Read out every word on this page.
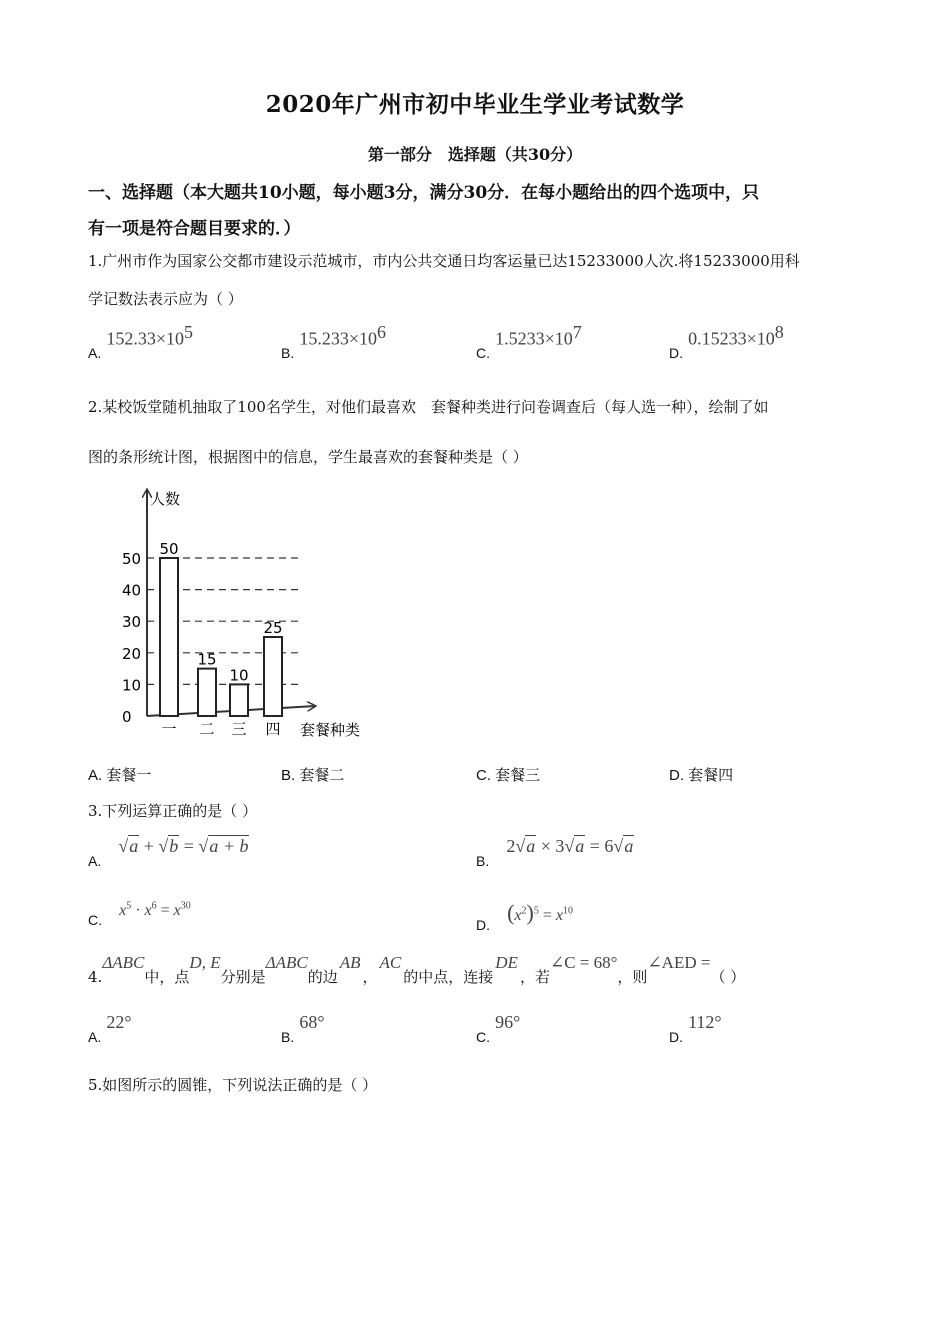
2020年广州市初中毕业生学业考试数学
第一部分　选择题（共30分）
一、选择题（本大题共10小题，每小题3分，满分30分．在每小题给出的四个选项中，只
有一项是符合题目要求的．）
1.广州市作为国家公交都市建设示范城市，市内公共交通日均客运量已达15233000人次.将15233000用科
学记数法表示应为（ ）
A. $152.33\times 10^5$
B. $15.233\times 10^6$
C. $1.5233\times 10^7$
D. $0.15233\times 10^8$
2.某校饭堂随机抽取了100名学生，对他们最喜欢　套餐种类进行问卷调查后（每人选一种），绘制了如
图的条形统计图，根据图中的信息，学生最喜欢的套餐种类是（ ）
人数
套餐种类
0
10
20
30
40
50
50
一
15
二
10
三
25
四
A. 套餐一	B. 套餐二	C. 套餐三	D. 套餐四
3.下列运算正确的是（ ）
A. √a + √b = √a + b
B. 2√a × 3√a = 6√a
C. $x^5 \cdot x^6 = x^{30}$
D. $(x^2)^5 = x^{10}$
4.ΔABC中，点D, E分别是ΔABC的边AB，AC的中点，连接DE，若∠C = 68°，则∠AED =（ ）
A. 22°
B. 68°
C. 96°
D. 112°
5.如图所示的圆锥，下列说法正确的是（ ）
